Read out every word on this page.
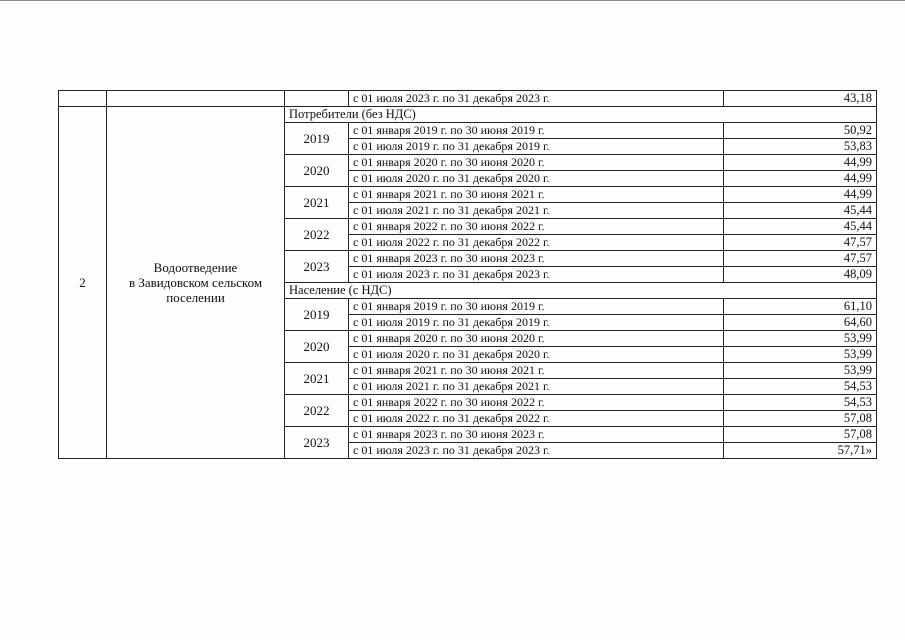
			с 01 июля 2023 г. по 31 декабря 2023 г.	43,18
2	Водоотведение
в Завидовском сельском
поселении	Потребители (без НДС)		
		2019	с 01 января 2019 г. по 30 июня 2019 г.	50,92
			с 01 июля 2019 г. по 31 декабря 2019 г.	53,83
		2020	с 01 января 2020 г. по 30 июня 2020 г.	44,99
			с 01 июля 2020 г. по 31 декабря 2020 г.	44,99
		2021	с 01 января 2021 г. по 30 июня 2021 г.	44,99
			с 01 июля 2021 г. по 31 декабря 2021 г.	45,44
		2022	с 01 января 2022 г. по 30 июня 2022 г.	45,44
			с 01 июля 2022 г. по 31 декабря 2022 г.	47,57
		2023	с 01 января 2023 г. по 30 июня 2023 г.	47,57
			с 01 июля 2023 г. по 31 декабря 2023 г.	48,09
		Население (с НДС)		
		2019	с 01 января 2019 г. по 30 июня 2019 г.	61,10
			с 01 июля 2019 г. по 31 декабря 2019 г.	64,60
		2020	с 01 января 2020 г. по 30 июня 2020 г.	53,99
			с 01 июля 2020 г. по 31 декабря 2020 г.	53,99
		2021	с 01 января 2021 г. по 30 июня 2021 г.	53,99
			с 01 июля 2021 г. по 31 декабря 2021 г.	54,53
		2022	с 01 января 2022 г. по 30 июня 2022 г.	54,53
			с 01 июля 2022 г. по 31 декабря 2022 г.	57,08
		2023	с 01 января 2023 г. по 30 июня 2023 г.	57,08
			с 01 июля 2023 г. по 31 декабря 2023 г.	57,71»
